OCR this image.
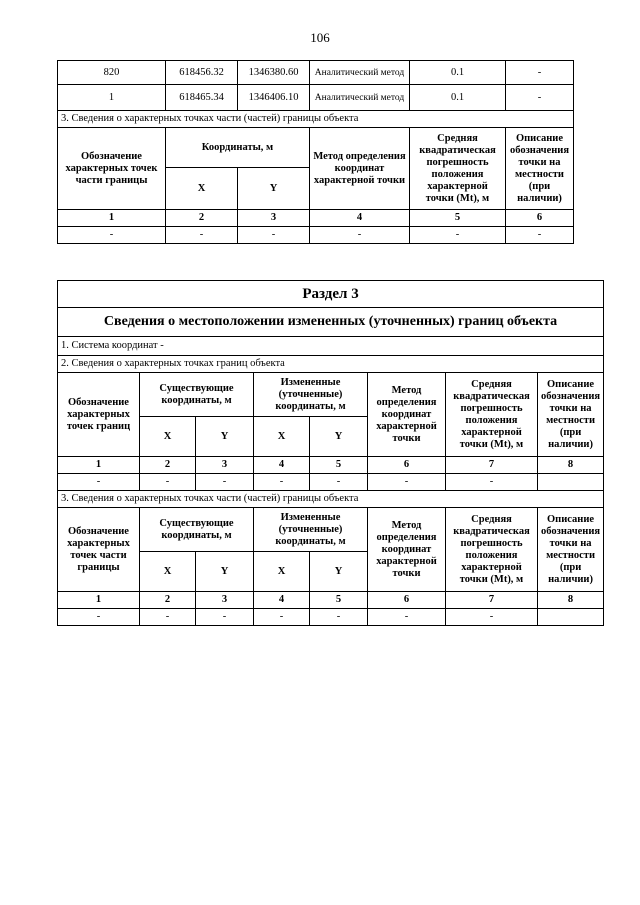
106
820	618456.32	1346380.60	Аналитический метод	0.1	-
1	618465.34	1346406.10	Аналитический метод	0.1	-
3. Сведения о характерных точках части (частей) границы объекта					
Обозначение характерных точек части границы	Координаты, м		Метод определения координат характерной точки	Средняя квадратическая погрешность положения характерной точки (Mt), м	Описание обозначения точки на местности (при наличии)
	X	Y			
1	2	3	4	5	6
-	-	-	-	-	-
Раздел 3							
Сведения о местоположении измененных (уточненных) границ объекта							
1. Система координат -							
2. Сведения о характерных точках границ объекта							
Обозначение характерных точек границ	Существующие координаты, м		Измененные (уточненные) координаты, м		Метод определения координат характерной точки	Средняя квадратическая погрешность положения характерной точки (Mt), м	Описание обозначения точки на местности (при наличии)
	X	Y	X	Y			
1	2	3	4	5	6	7	8
-	-	-	-	-	-	-	
3. Сведения о характерных точках части (частей) границы объекта							
Обозначение характерных точек части границы	Существующие координаты, м		Измененные (уточненные) координаты, м		Метод определения координат характерной точки	Средняя квадратическая погрешность положения характерной точки (Mt), м	Описание обозначения точки на местности (при наличии)
	X	Y	X	Y			
1	2	3	4	5	6	7	8
-	-	-	-	-	-	-	
